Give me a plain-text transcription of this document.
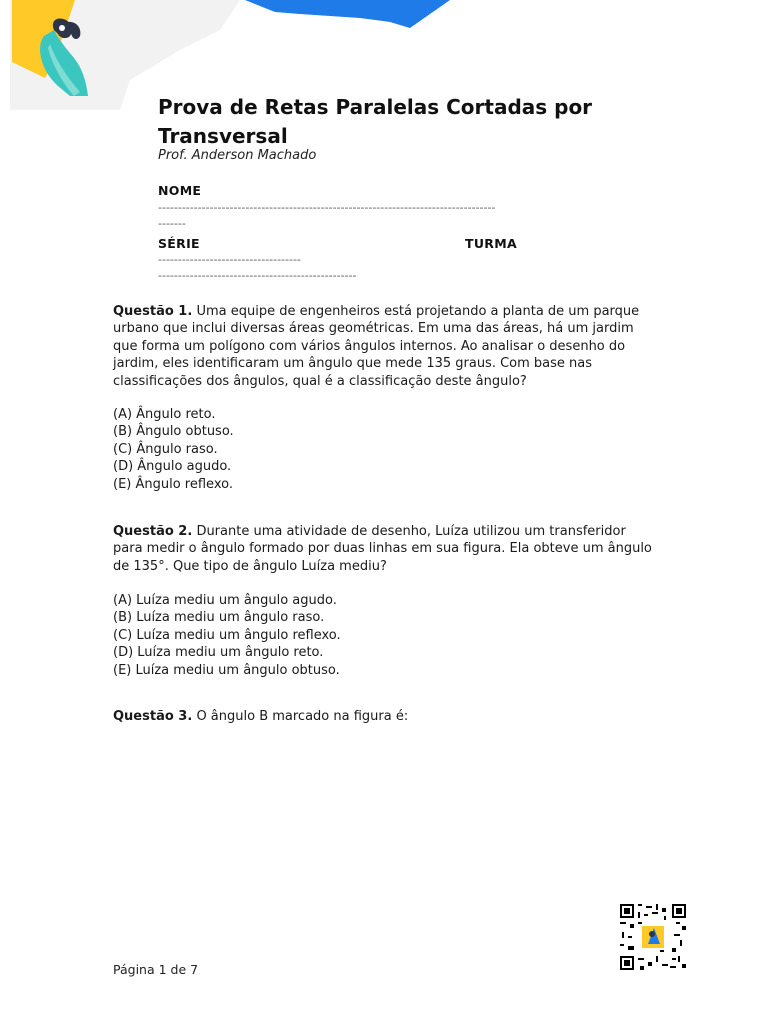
Prova de Retas Paralelas Cortadas por Transversal
Prof. Anderson Machado
NOME
-------------------------------------------------------------------------------------
-------
SÉRIE	TURMA
------------------------------------
--------------------------------------------------

Questão 1. Uma equipe de engenheiros está projetando a planta de um parque urbano que inclui diversas áreas geométricas. Em uma das áreas, há um jardim que forma um polígono com vários ângulos internos. Ao analisar o desenho do jardim, eles identificaram um ângulo que mede 135 graus. Com base nas classificações dos ângulos, qual é a classificação deste ângulo?

(A) Ângulo reto.
(B) Ângulo obtuso.
(C) Ângulo raso.
(D) Ângulo agudo.
(E) Ângulo reflexo.

Questão 2. Durante uma atividade de desenho, Luíza utilizou um transferidor para medir o ângulo formado por duas linhas em sua figura. Ela obteve um ângulo de 135°. Que tipo de ângulo Luíza mediu?

(A) Luíza mediu um ângulo agudo.
(B) Luíza mediu um ângulo raso.
(C) Luíza mediu um ângulo reflexo.
(D) Luíza mediu um ângulo reto.
(E) Luíza mediu um ângulo obtuso.

Questão 3. O ângulo B marcado na figura é:

Página 1 de 7
